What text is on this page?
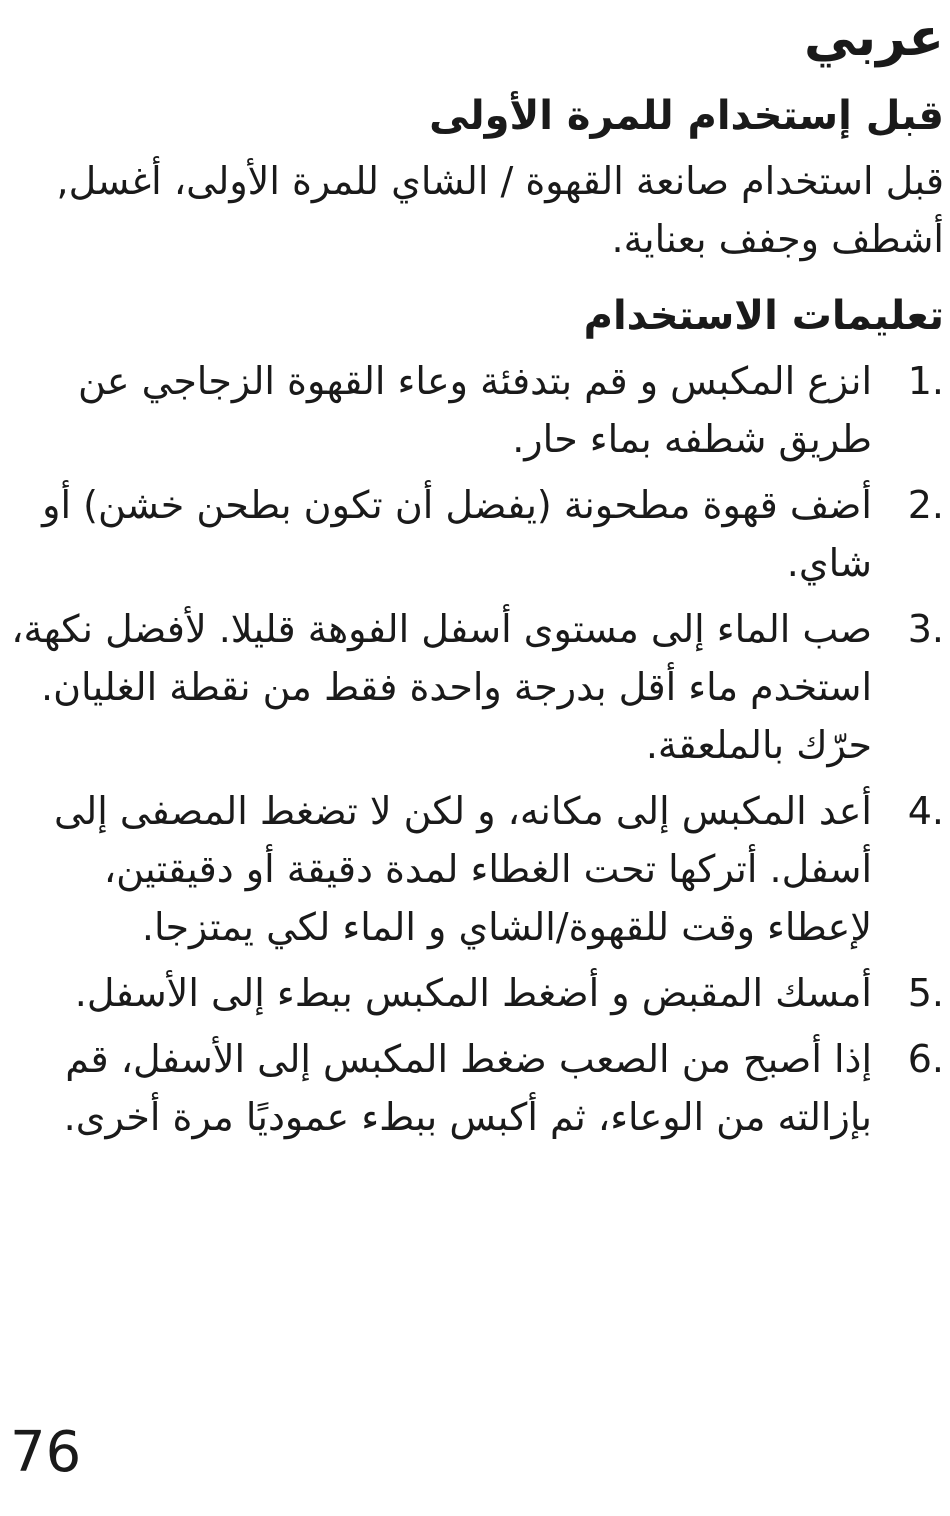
عربي
قبل إستخدام للمرة الأولى

قبل استخدام صانعة القهوة / الشاي للمرة الأولى، أغسل, أشطف وجفف بعناية.

تعليمات الاستخدام
1.
انزع المكبس و قم بتدفئة وعاء القهوة الزجاجي عن طريق شطفه بماء حار.
2.
أضف قهوة مطحونة (يفضل أن تكون بطحن خشن) أو شاي.
3.
صب الماء إلى مستوى أسفل الفوهة قليلا. لأفضل نكهة، استخدم ماء أقل بدرجة واحدة فقط من نقطة الغليان. حرّك بالملعقة.
4.
أعد المكبس إلى مكانه، و لكن لا تضغط المصفى إلى أسفل. أتركها تحت الغطاء لمدة دقيقة أو دقيقتين، لإعطاء وقت للقهوة/الشاي و الماء لكي يمتزجا.
5.
أمسك المقبض و أضغط المكبس ببطء إلى الأسفل.
6.
إذا أصبح من الصعب ضغط المكبس إلى الأسفل، قم بإزالته من الوعاء، ثم أكبس ببطء عموديًا مرة أخرى.
76
